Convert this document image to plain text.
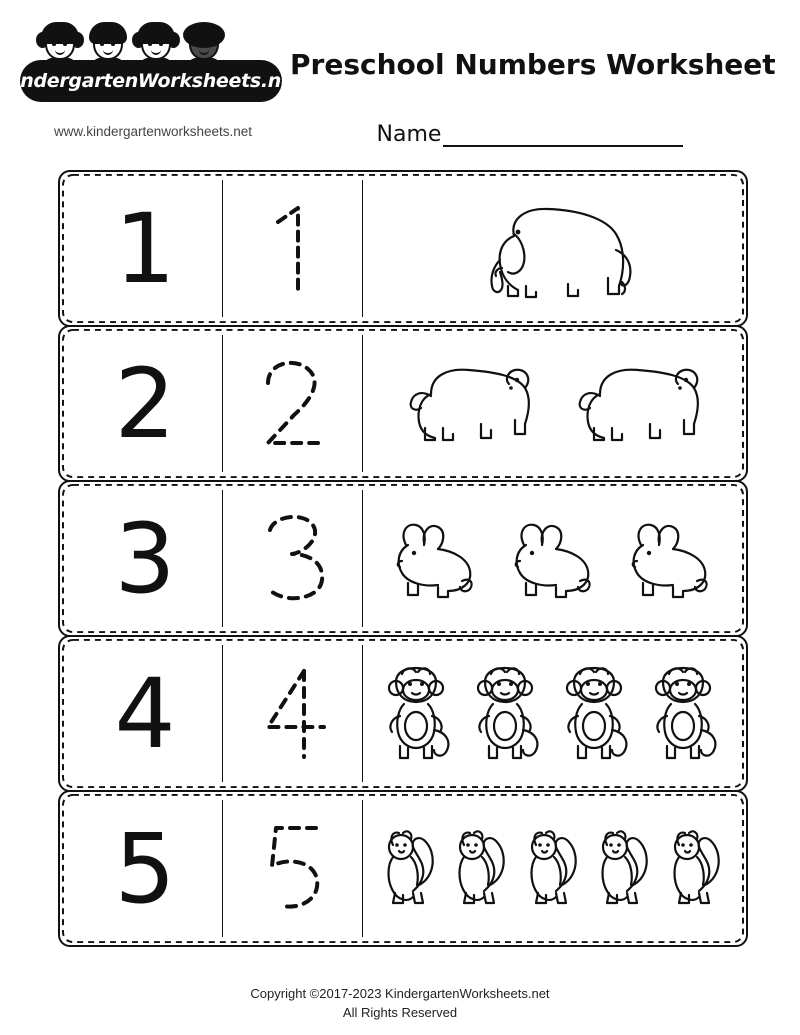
KindergartenWorksheets.net
www.kindergartenworksheets.net
Preschool Numbers Worksheet
Name
1
2
3
4
5
Copyright ©2017-2023 KindergartenWorksheets.net
All Rights Reserved
